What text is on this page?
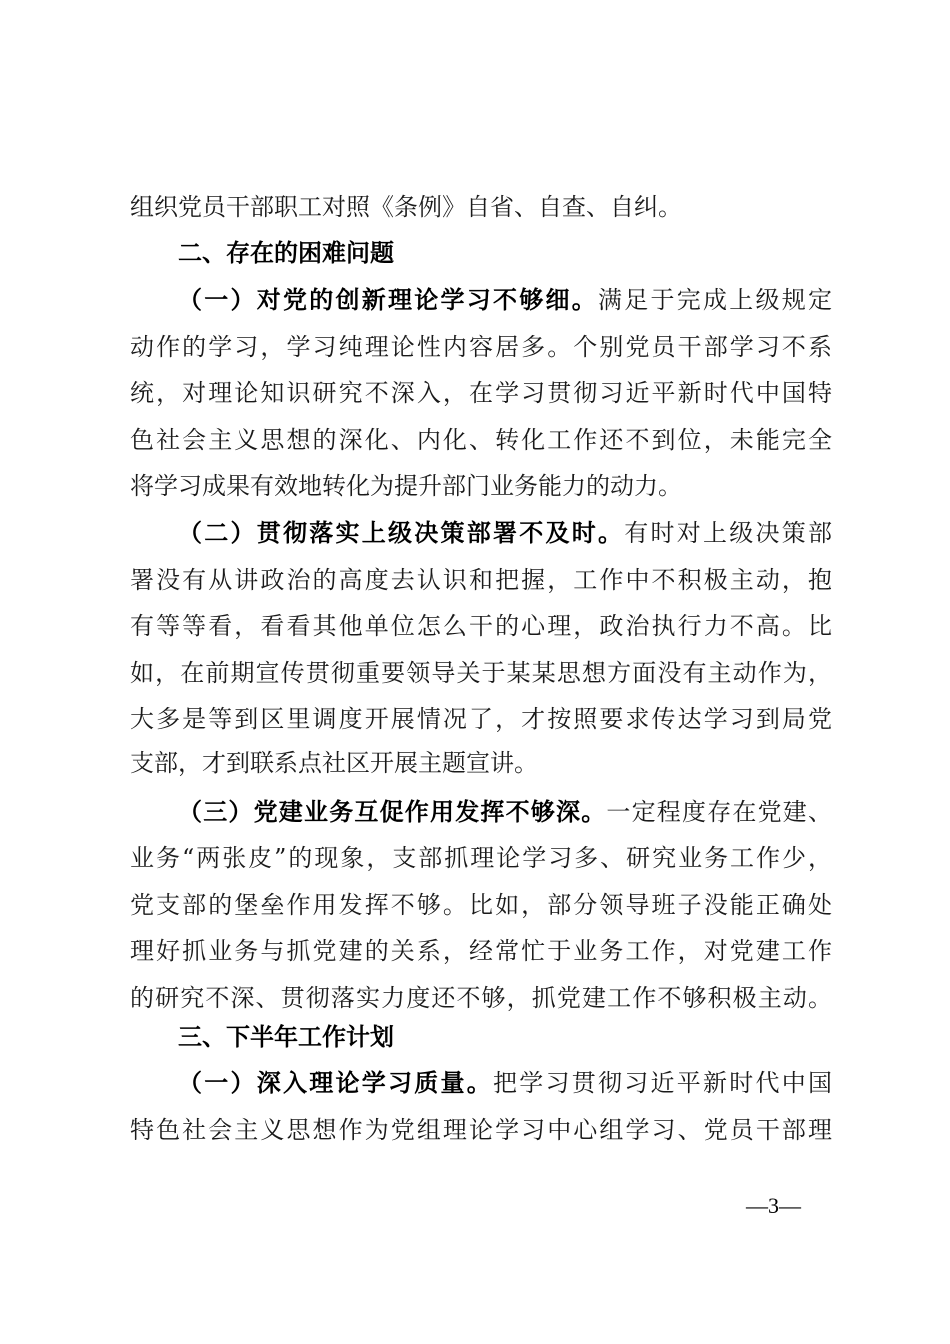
组织党员干部职工对照《条例》自省、自查、自纠。
二、存在的困难问题
（一）对党的创新理论学习不够细。满足于完成上级规定
动作的学习，学习纯理论性内容居多。个别党员干部学习不系
统，对理论知识研究不深入，在学习贯彻习近平新时代中国特
色社会主义思想的深化、内化、转化工作还不到位，未能完全
将学习成果有效地转化为提升部门业务能力的动力。
（二）贯彻落实上级决策部署不及时。有时对上级决策部
署没有从讲政治的高度去认识和把握，工作中不积极主动，抱
有等等看，看看其他单位怎么干的心理，政治执行力不高。比
如，在前期宣传贯彻重要领导关于某某思想方面没有主动作为，
大多是等到区里调度开展情况了，才按照要求传达学习到局党
支部，才到联系点社区开展主题宣讲。
（三）党建业务互促作用发挥不够深。一定程度存在党建、
业务“两张皮”的现象，支部抓理论学习多、研究业务工作少，
党支部的堡垒作用发挥不够。比如，部分领导班子没能正确处
理好抓业务与抓党建的关系，经常忙于业务工作，对党建工作
的研究不深、贯彻落实力度还不够，抓党建工作不够积极主动。
三、下半年工作计划
（一）深入理论学习质量。把学习贯彻习近平新时代中国
特色社会主义思想作为党组理论学习中心组学习、党员干部理
—3—
